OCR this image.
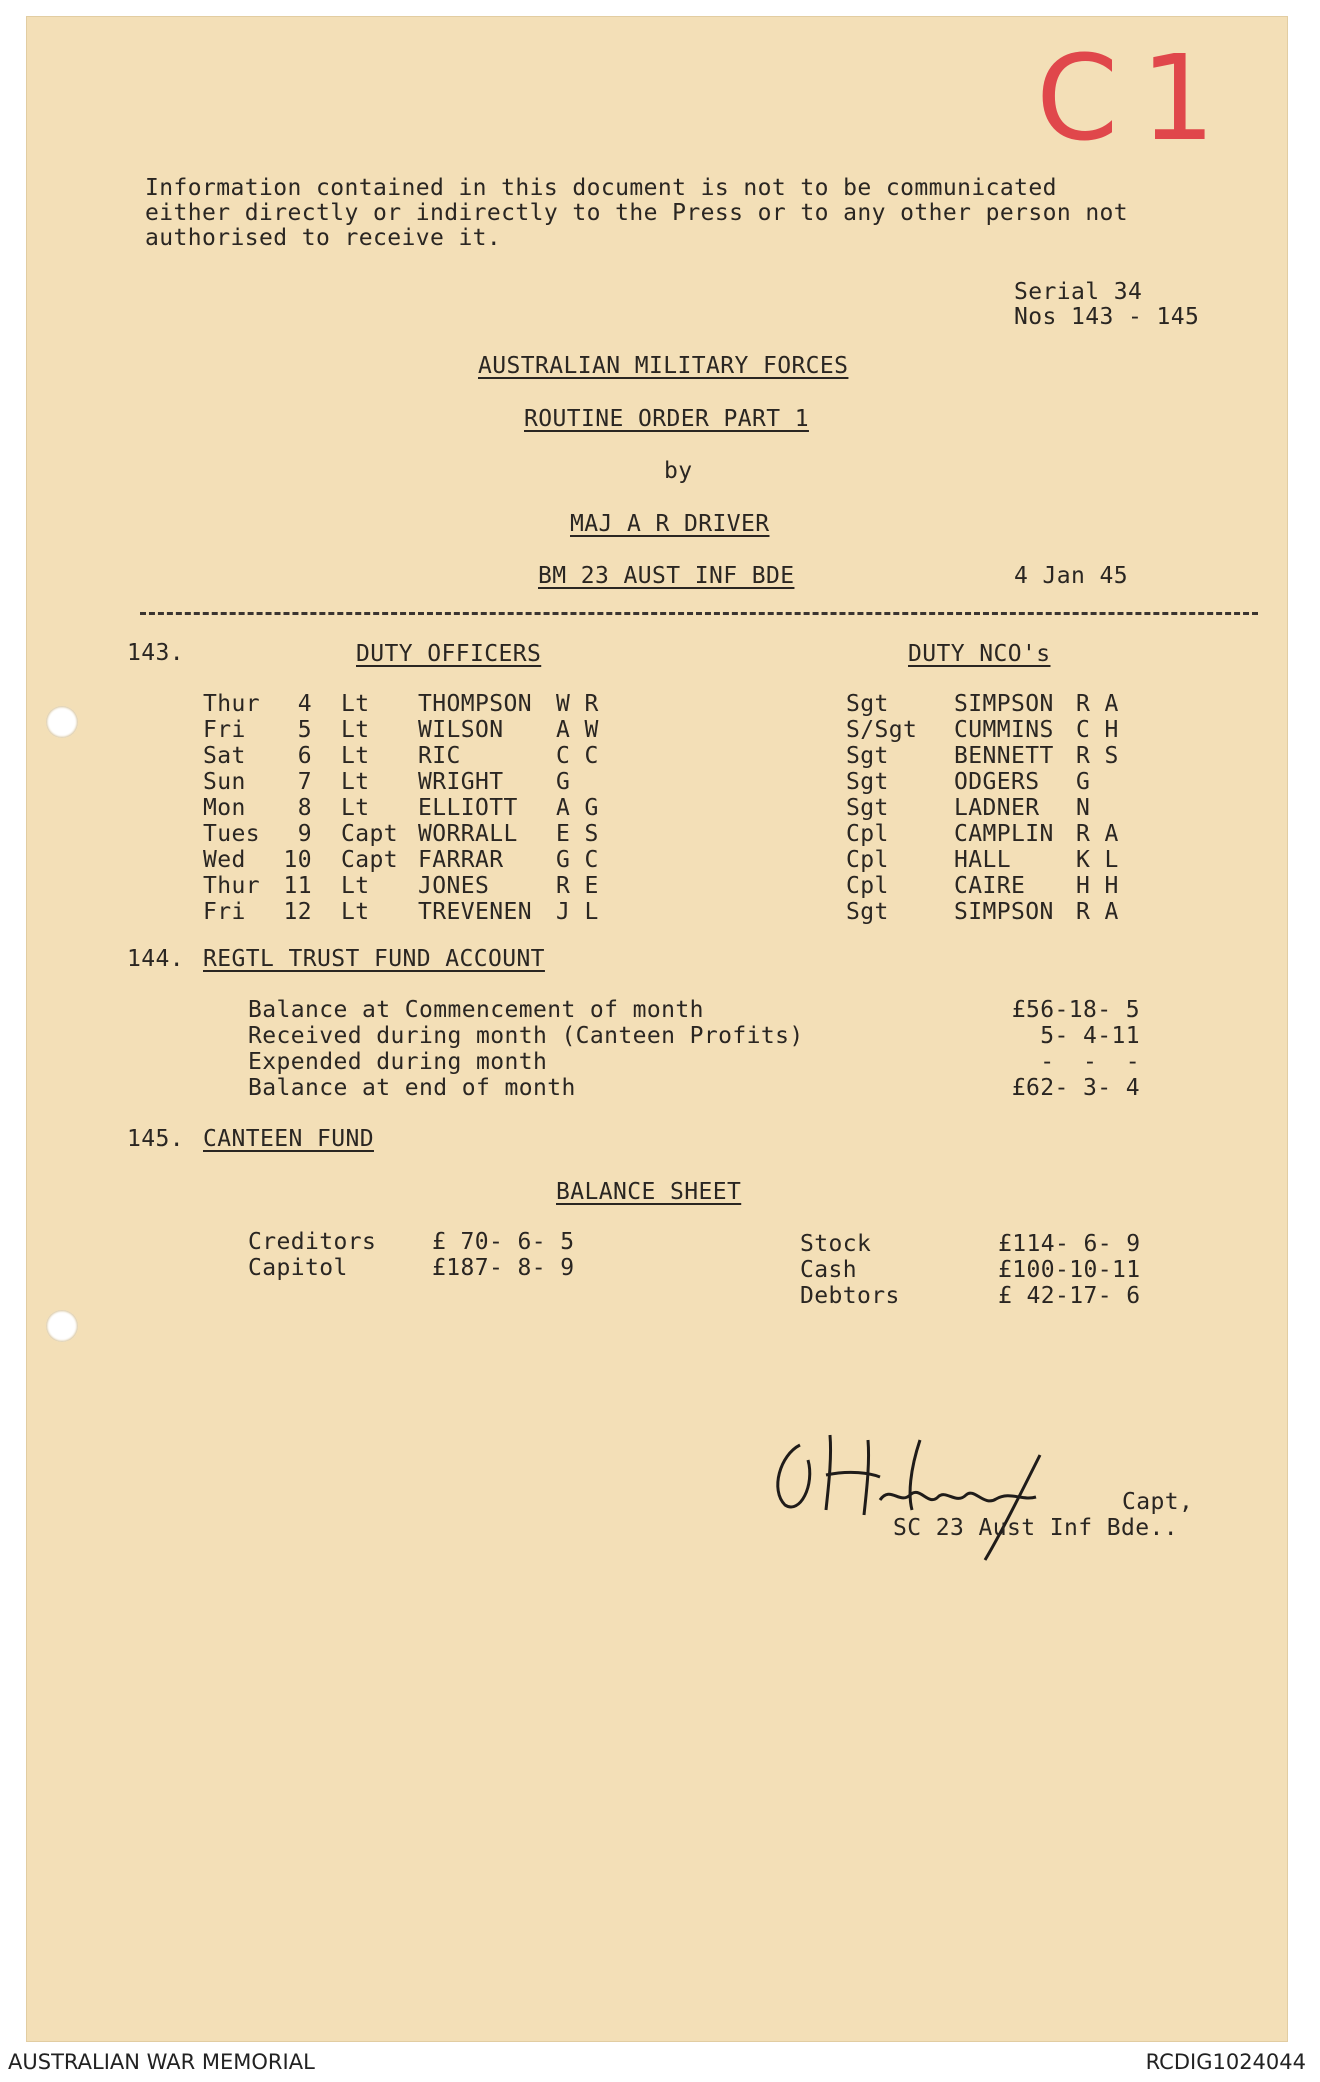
C1
Information contained in this document is not to be communicated
either directly or indirectly to the Press or to any other person not
authorised to receive it.
Serial 34
Nos 143 - 145
AUSTRALIAN MILITARY FORCES
ROUTINE ORDER PART 1
by
MAJ A R DRIVER
BM 23 AUST INF BDE	4 Jan 45
143.	DUTY OFFICERS	DUTY NCO's
Thur	4 Lt THOMPSON W R	Sgt	SIMPSON R A
Fri	5 Lt WILSON A W	S/Sgt CUMMINS C H
Sat	6 Lt RIC	C C	Sgt	BENNETT R S
Sun	7 Lt WRIGHT G	Sgt	ODGERS G
Mon	8 Lt ELLIOTT A G	Sgt	LADNER N
Tues	9 Capt WORRALL E S	Cpl	CAMPLIN R A
Wed 10 Capt FARRAR G C	Cpl	HALL	K L
Thur 11 Lt JONES	R E	Cpl	CAIRE H H
Fri 12 Lt TREVENEN J L	Sgt	SIMPSON R A
144. REGTL TRUST FUND ACCOUNT
Balance at Commencement of month	£56-18- 5
Received during month (Canteen Profits)	5- 4-11
Expended during month	-  -  -
Balance at end of month	£62- 3- 4
145. CANTEEN FUND
BALANCE SHEET
Creditors £ 70- 6- 5
Capitol	£187- 8- 9
Stock	£114- 6- 9
Cash	£100-10-11
Debtors	£ 42-17- 6
Capt,
SC 23 Aust Inf Bde..
AUSTRALIAN WAR MEMORIAL	RCDIG1024044
